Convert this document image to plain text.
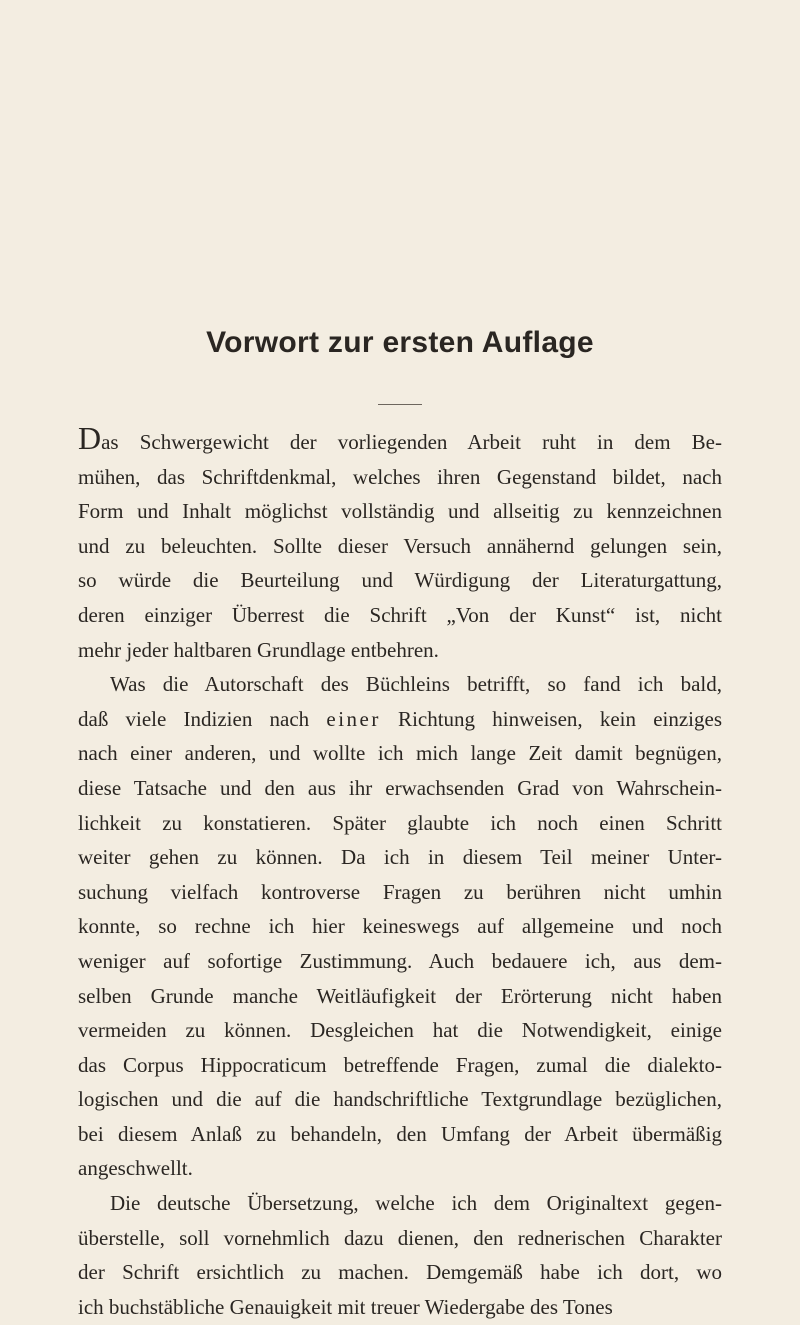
Vorwort zur ersten Auflage
Das Schwergewicht der vorliegenden Arbeit ruht in dem Be-
mühen, das Schriftdenkmal, welches ihren Gegenstand bildet, nach
Form und Inhalt möglichst vollständig und allseitig zu kennzeichnen
und zu beleuchten. Sollte dieser Versuch annähernd gelungen sein,
so würde die Beurteilung und Würdigung der Literaturgattung,
deren einziger Überrest die Schrift „Von der Kunst“ ist, nicht
mehr jeder haltbaren Grundlage entbehren.
Was die Autorschaft des Büchleins betrifft, so fand ich bald,
daß viele Indizien nach einer Richtung hinweisen, kein einziges
nach einer anderen, und wollte ich mich lange Zeit damit begnügen,
diese Tatsache und den aus ihr erwachsenden Grad von Wahrschein-
lichkeit zu konstatieren. Später glaubte ich noch einen Schritt
weiter gehen zu können. Da ich in diesem Teil meiner Unter-
suchung vielfach kontroverse Fragen zu berühren nicht umhin
konnte, so rechne ich hier keineswegs auf allgemeine und noch
weniger auf sofortige Zustimmung. Auch bedauere ich, aus dem-
selben Grunde manche Weitläufigkeit der Erörterung nicht haben
vermeiden zu können. Desgleichen hat die Notwendigkeit, einige
das Corpus Hippocraticum betreffende Fragen, zumal die dialekto-
logischen und die auf die handschriftliche Textgrundlage bezüglichen,
bei diesem Anlaß zu behandeln, den Umfang der Arbeit übermäßig
angeschwellt.
Die deutsche Übersetzung, welche ich dem Originaltext gegen-
überstelle, soll vornehmlich dazu dienen, den rednerischen Charakter
der Schrift ersichtlich zu machen. Demgemäß habe ich dort, wo
ich buchstäbliche Genauigkeit mit treuer Wiedergabe des Tones
